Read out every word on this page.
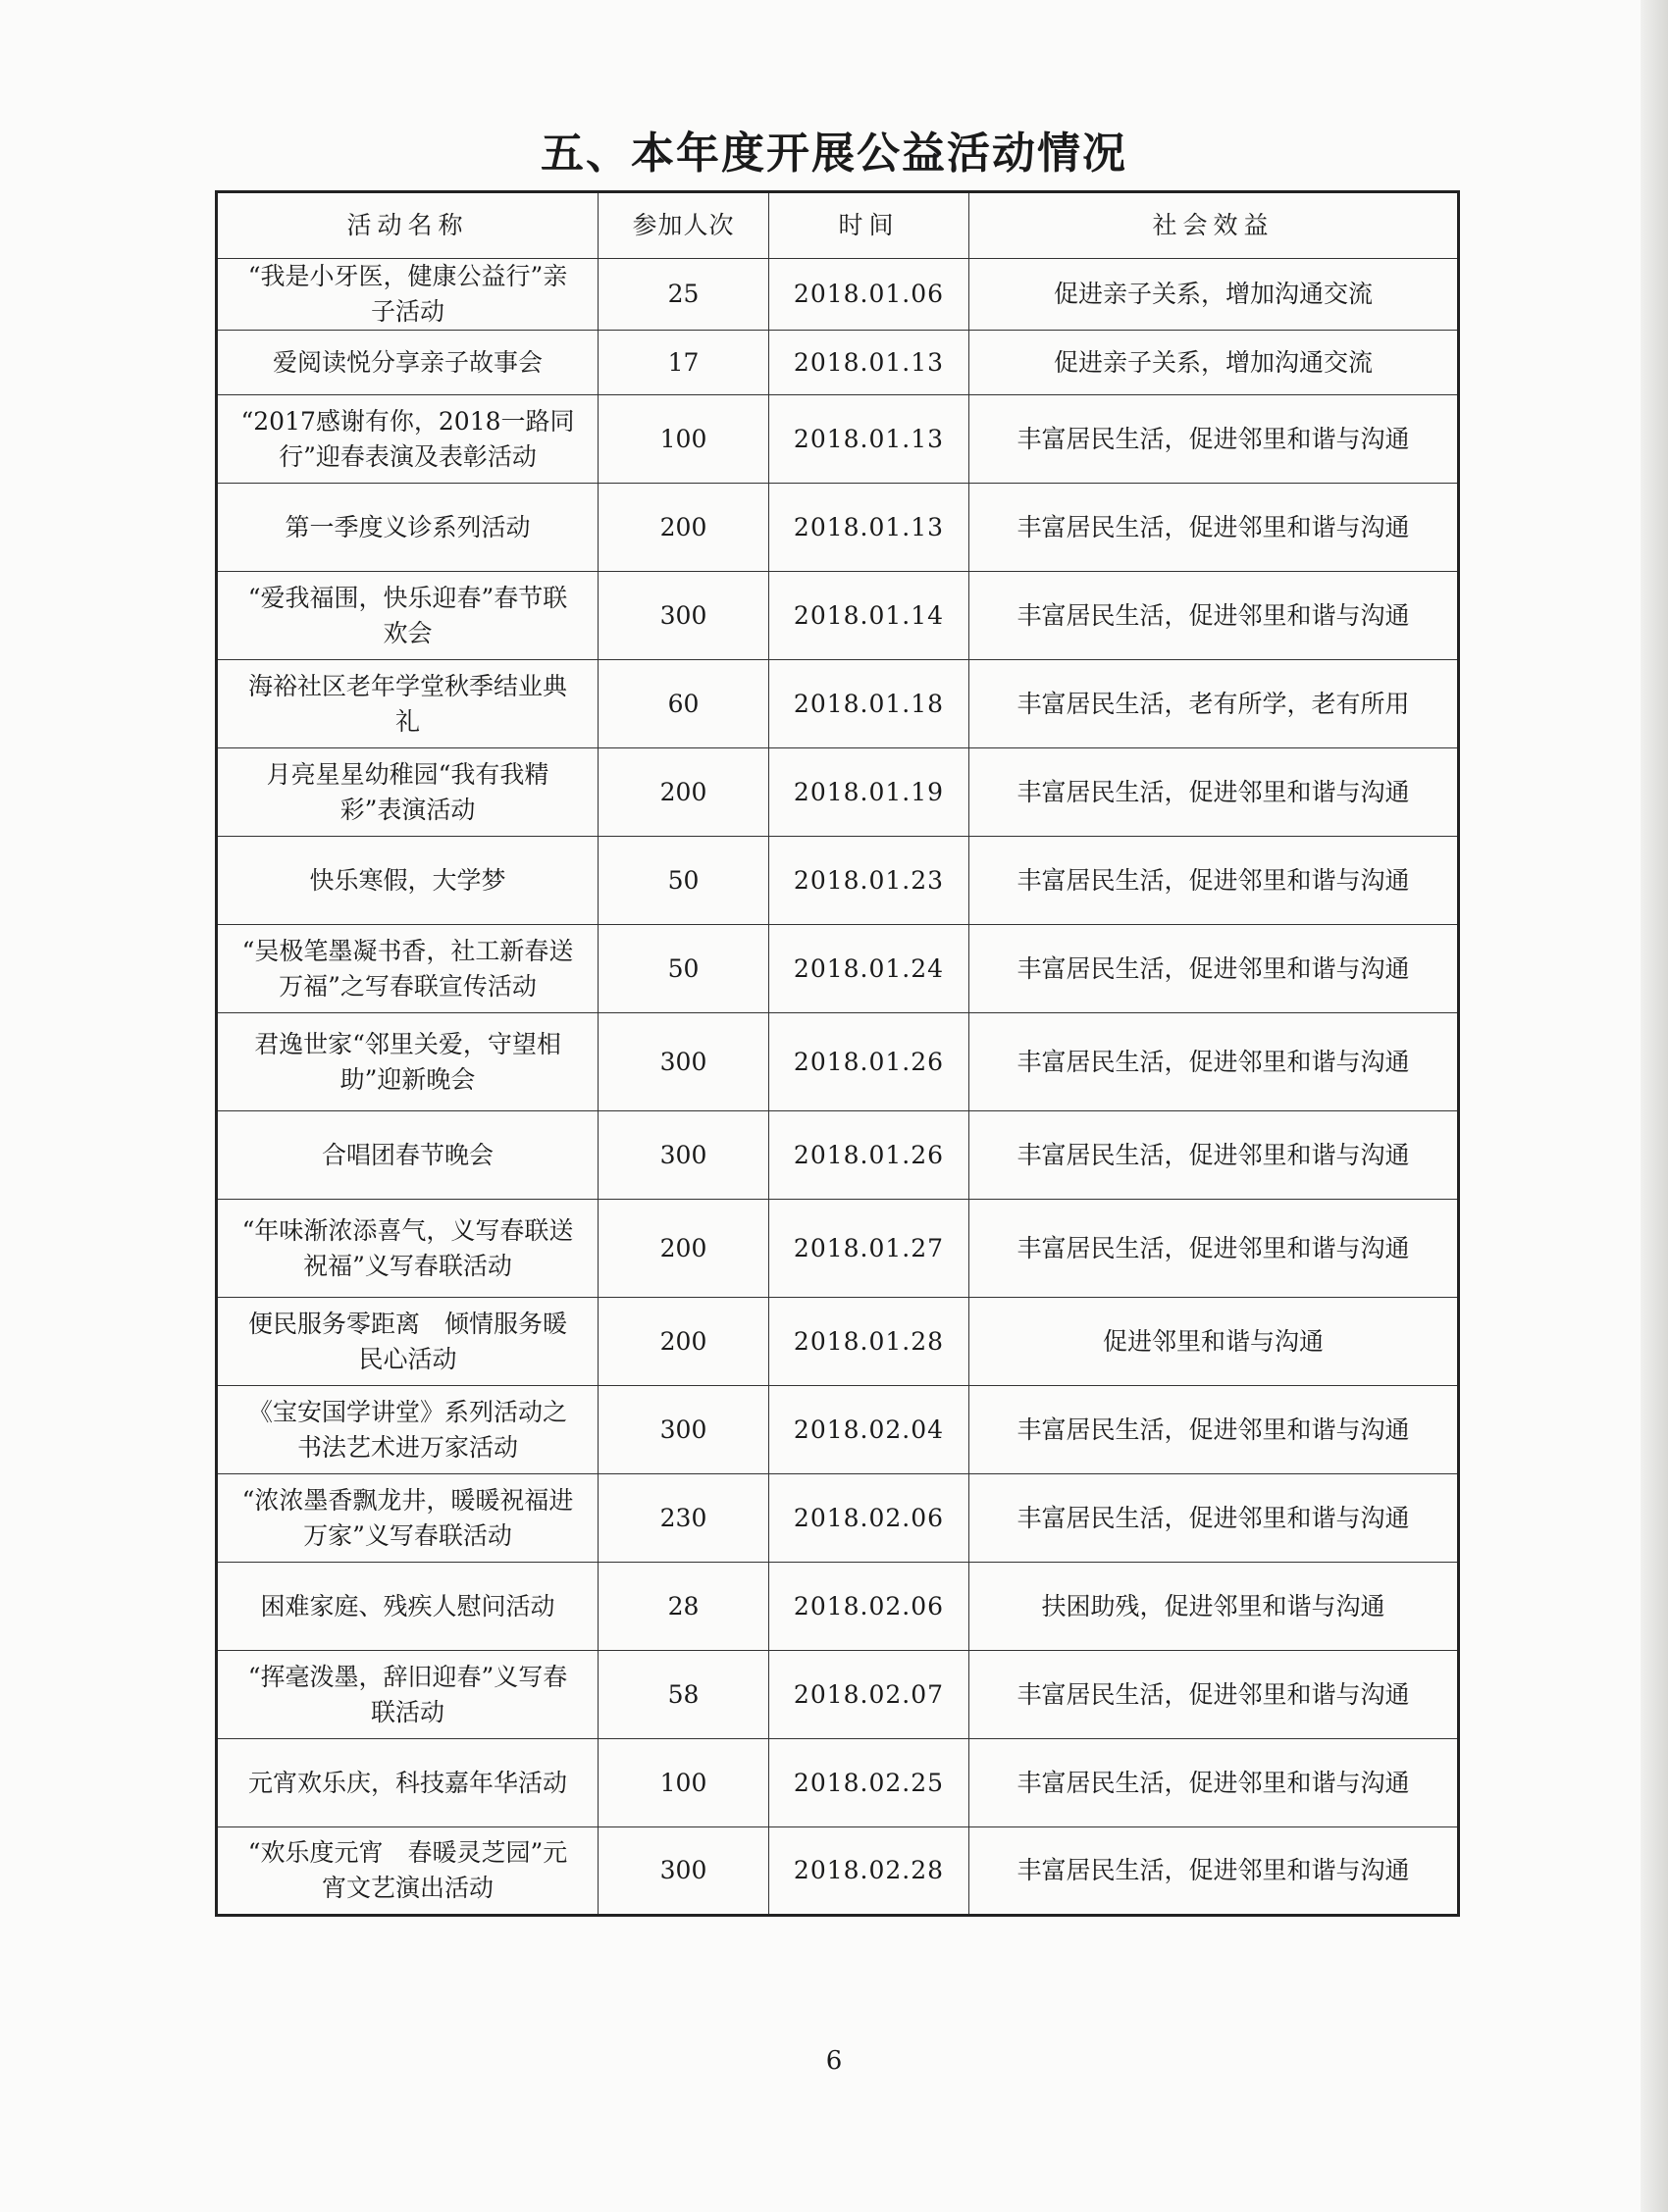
五、本年度开展公益活动情况
活动名称	参加人次	时间	社会效益
“我是小牙医，健康公益行”亲子活动	25	2018.01.06	促进亲子关系，增加沟通交流
爱阅读悦分享亲子故事会	17	2018.01.13	促进亲子关系，增加沟通交流
“2017感谢有你，2018一路同行”迎春表演及表彰活动	100	2018.01.13	丰富居民生活，促进邻里和谐与沟通
第一季度义诊系列活动	200	2018.01.13	丰富居民生活，促进邻里和谐与沟通
“爱我福围，快乐迎春”春节联欢会	300	2018.01.14	丰富居民生活，促进邻里和谐与沟通
海裕社区老年学堂秋季结业典礼	60	2018.01.18	丰富居民生活，老有所学，老有所用
月亮星星幼稚园“我有我精彩”表演活动	200	2018.01.19	丰富居民生活，促进邻里和谐与沟通
快乐寒假，大学梦	50	2018.01.23	丰富居民生活，促进邻里和谐与沟通
“吴极笔墨凝书香，社工新春送万福”之写春联宣传活动	50	2018.01.24	丰富居民生活，促进邻里和谐与沟通
君逸世家“邻里关爱，守望相助”迎新晚会	300	2018.01.26	丰富居民生活，促进邻里和谐与沟通
合唱团春节晚会	300	2018.01.26	丰富居民生活，促进邻里和谐与沟通
“年味渐浓添喜气，义写春联送祝福”义写春联活动	200	2018.01.27	丰富居民生活，促进邻里和谐与沟通
便民服务零距离　倾情服务暖民心活动	200	2018.01.28	促进邻里和谐与沟通
《宝安国学讲堂》系列活动之书法艺术进万家活动	300	2018.02.04	丰富居民生活，促进邻里和谐与沟通
“浓浓墨香飘龙井，暖暖祝福进万家”义写春联活动	230	2018.02.06	丰富居民生活，促进邻里和谐与沟通
困难家庭、残疾人慰问活动	28	2018.02.06	扶困助残，促进邻里和谐与沟通
“挥毫泼墨，辞旧迎春”义写春联活动	58	2018.02.07	丰富居民生活，促进邻里和谐与沟通
元宵欢乐庆，科技嘉年华活动	100	2018.02.25	丰富居民生活，促进邻里和谐与沟通
“欢乐度元宵　春暖灵芝园”元宵文艺演出活动	300	2018.02.28	丰富居民生活，促进邻里和谐与沟通
6
